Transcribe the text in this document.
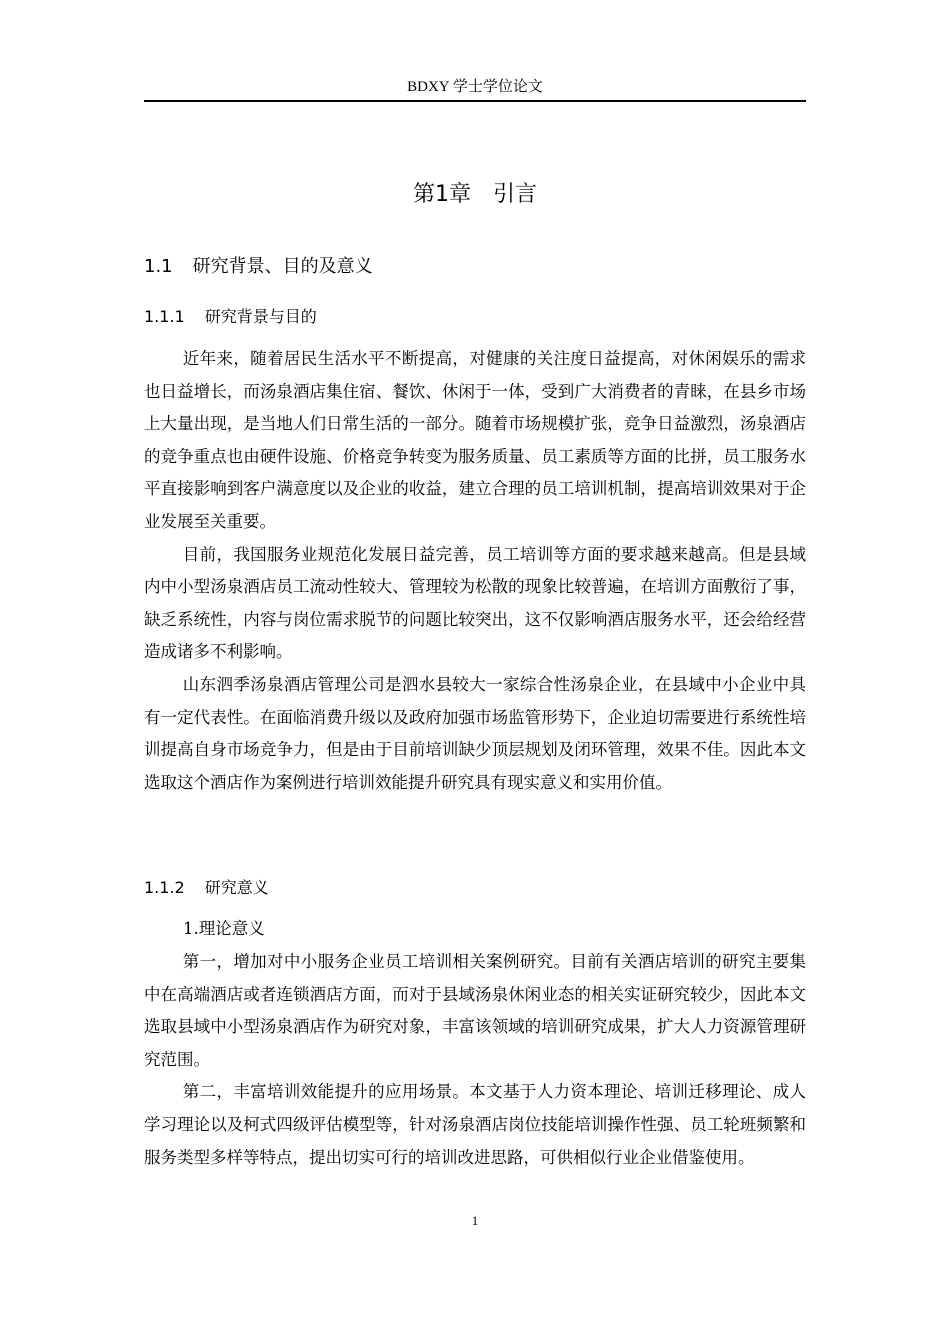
BDXY 学士学位论文
第1章 引言
1.1 研究背景、目的及意义
1.1.1 研究背景与目的

近年来，随着居民生活水平不断提高，对健康的关注度日益提高，对休闲娱乐的需求也日益增长，而汤泉酒店集住宿、餐饮、休闲于一体，受到广大消费者的青睐，在县乡市场上大量出现，是当地人们日常生活的一部分。随着市场规模扩张，竞争日益激烈，汤泉酒店的竞争重点也由硬件设施、价格竞争转变为服务质量、员工素质等方面的比拼，员工服务水平直接影响到客户满意度以及企业的收益，建立合理的员工培训机制，提高培训效果对于企业发展至关重要。

目前，我国服务业规范化发展日益完善，员工培训等方面的要求越来越高。但是县域内中小型汤泉酒店员工流动性较大、管理较为松散的现象比较普遍，在培训方面敷衍了事，缺乏系统性，内容与岗位需求脱节的问题比较突出，这不仅影响酒店服务水平，还会给经营造成诸多不利影响。

山东泗季汤泉酒店管理公司是泗水县较大一家综合性汤泉企业，在县域中小企业中具有一定代表性。在面临消费升级以及政府加强市场监管形势下，企业迫切需要进行系统性培训提高自身市场竞争力，但是由于目前培训缺少顶层规划及闭环管理，效果不佳。因此本文选取这个酒店作为案例进行培训效能提升研究具有现实意义和实用价值。

1.1.2 研究意义
1.理论意义

第一，增加对中小服务企业员工培训相关案例研究。目前有关酒店培训的研究主要集中在高端酒店或者连锁酒店方面，而对于县域汤泉休闲业态的相关实证研究较少，因此本文选取县域中小型汤泉酒店作为研究对象，丰富该领域的培训研究成果，扩大人力资源管理研究范围。

第二，丰富培训效能提升的应用场景。本文基于人力资本理论、培训迁移理论、成人学习理论以及柯式四级评估模型等，针对汤泉酒店岗位技能培训操作性强、员工轮班频繁和服务类型多样等特点，提出切实可行的培训改进思路，可供相似行业企业借鉴使用。

1
